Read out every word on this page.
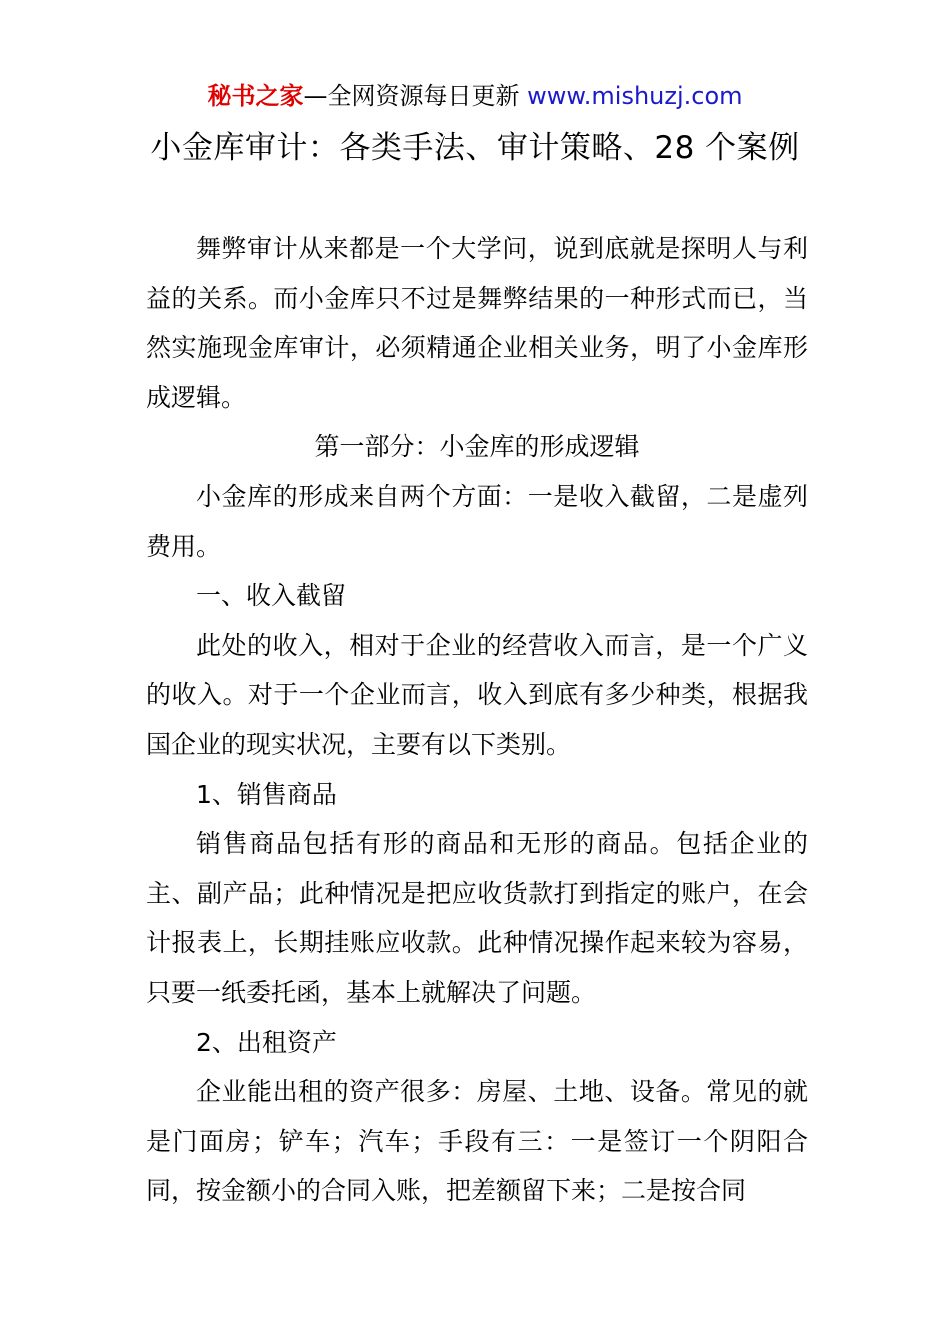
秘书之家—全网资源每日更新 www.mishuzj.com
小金库审计：各类手法、审计策略、28 个案例

舞弊审计从来都是一个大学问，说到底就是探明人与利益的关系。而小金库只不过是舞弊结果的一种形式而已，当然实施现金库审计，必须精通企业相关业务，明了小金库形成逻辑。

第一部分：小金库的形成逻辑

小金库的形成来自两个方面：一是收入截留，二是虚列费用。

一、收入截留

此处的收入，相对于企业的经营收入而言，是一个广义的收入。对于一个企业而言，收入到底有多少种类，根据我国企业的现实状况，主要有以下类别。

1、销售商品

销售商品包括有形的商品和无形的商品。包括企业的主、副产品；此种情况是把应收货款打到指定的账户，在会计报表上，长期挂账应收款。此种情况操作起来较为容易，只要一纸委托函，基本上就解决了问题。

2、出租资产

企业能出租的资产很多：房屋、土地、设备。常见的就是门面房；铲车；汽车；手段有三：一是签订一个阴阳合同，按金额小的合同入账，把差额留下来；二是按合同
